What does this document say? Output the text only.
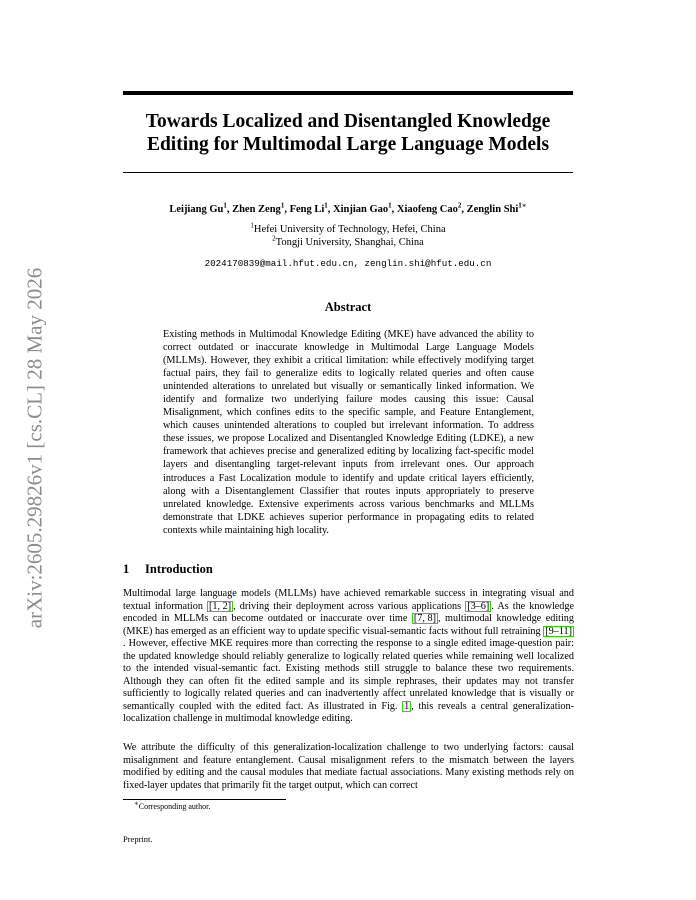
arXiv:2605.29826v1 [cs.CL] 28 May 2026
Towards Localized and Disentangled Knowledge
Editing for Multimodal Large Language Models
Leijiang Gu$^1$, Zhen Zeng$^1$, Feng Li$^1$, Xinjian Gao$^1$, Xiaofeng Cao$^2$, Zenglin Shi$^{1∗}$
$^1$Hefei University of Technology, Hefei, China
$^2$Tongji University, Shanghai, China
2024170839@mail.hfut.edu.cn, zenglin.shi@hfut.edu.cn
Abstract
Existing methods in Multimodal Knowledge Editing (MKE) have advanced the ability to correct outdated or inaccurate knowledge in Multimodal Large Language Models (MLLMs). However, they exhibit a critical limitation: while effectively modifying target factual pairs, they fail to generalize edits to logically related queries and often cause unintended alterations to unrelated but visually or semantically linked information. We identify and formalize two underlying failure modes causing this issue: Causal Misalignment, which confines edits to the specific sample, and Feature Entanglement, which causes unintended alterations to coupled but irrelevant information. To address these issues, we propose Localized and Disentangled Knowledge Editing (LDKE), a new framework that achieves precise and generalized editing by localizing fact-specific model layers and disentangling target-relevant inputs from irrelevant ones. Our approach introduces a Fast Localization module to identify and update critical layers efficiently, along with a Disentanglement Classifier that routes inputs appropriately to preserve unrelated knowledge. Extensive experiments across various benchmarks and MLLMs demonstrate that LDKE achieves superior performance in propagating edits to related contexts while maintaining high locality.
1 Introduction
Multimodal large language models (MLLMs) have achieved remarkable success in integrating visual and textual information [1, 2] , driving their deployment across various applications [3–6] . As the knowledge encoded in MLLMs can become outdated or inaccurate over time [7, 8] , multimodal knowledge editing (MKE) has emerged as an efficient way to update specific visual-semantic facts without full retraining [9–11]. However, effective MKE requires more than correcting the response to a single edited image-question pair: the updated knowledge should reliably generalize to logically related queries while remaining well localized to the intended visual-semantic fact. Existing methods still struggle to balance these two requirements. Although they can often fit the edited sample and its simple rephrases, their updates may not transfer sufficiently to logically related queries and can inadvertently affect unrelated knowledge that is visually or semantically coupled with the edited fact. As illustrated in Fig. 1 , this reveals a central generalization-localization challenge in multimodal knowledge editing.
We attribute the difficulty of this generalization-localization challenge to two underlying factors: causal misalignment and feature entanglement. Causal misalignment refers to the mismatch between the layers modified by editing and the causal modules that mediate factual associations. Many existing methods rely on fixed-layer updates that primarily fit the target output, which can correct
∗Corresponding author.
Preprint.
